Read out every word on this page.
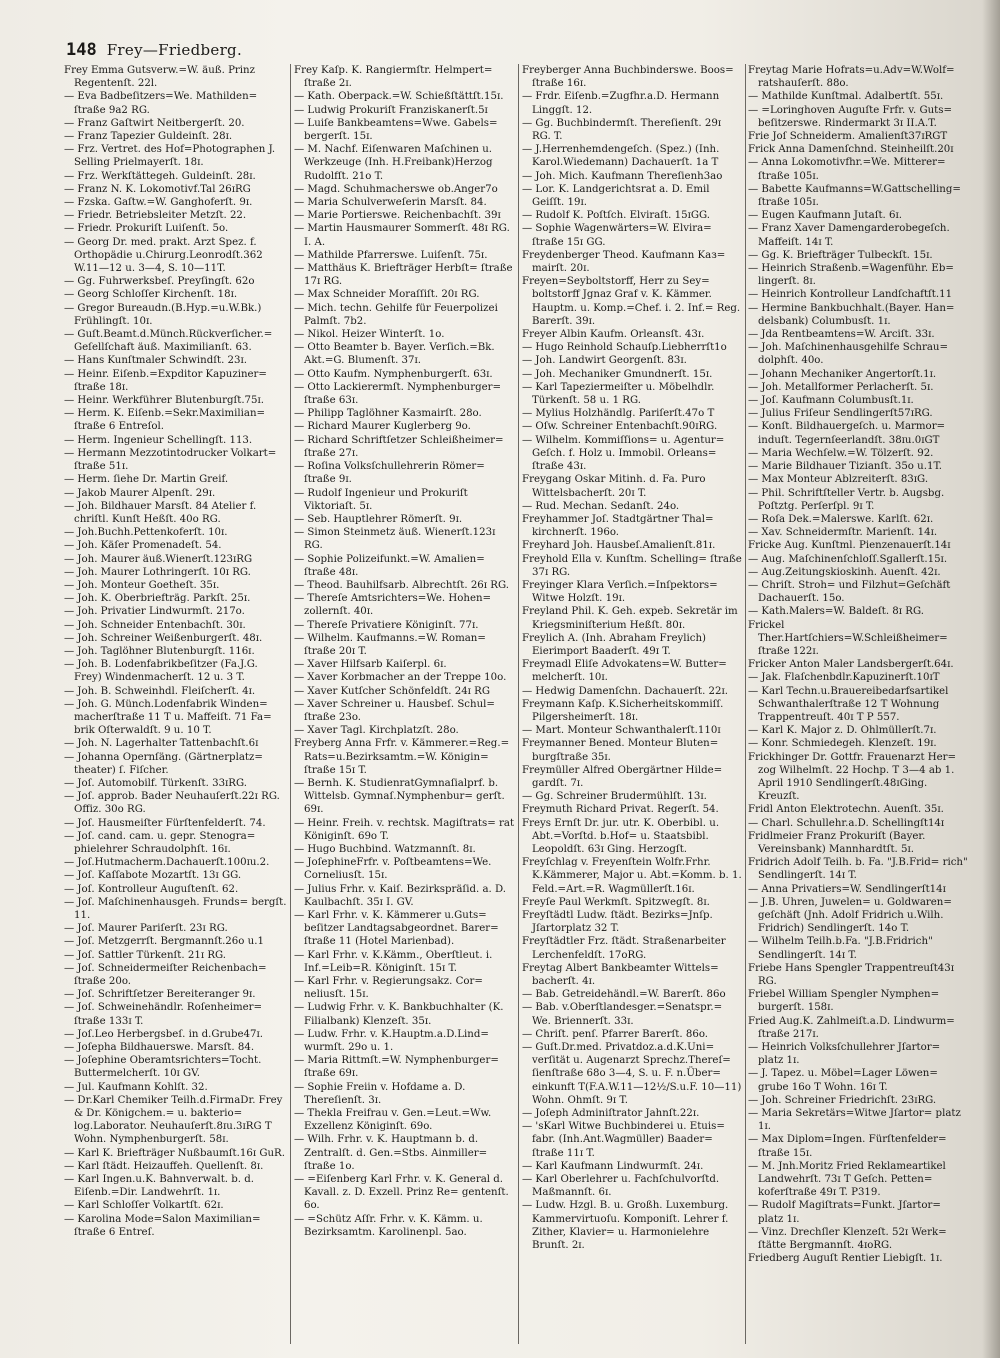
148 Frey—Friedberg.
Frey Emma Gutsverw.=W. äuß. Prinz Regentenſt. 22l.
— Eva Badbeſitzers=We. Mathilden= ſtraße 9a2 RG.
— Franz Gaſtwirt Neitbergerſt. 20.
— Franz Tapezier Guldeinſt. 28ɪ.
— Frz. Vertret. des Hof=Photographen J. Selling Prielmayerſt. 18ɪ.
— Frz. Werkſtättegeh. Guldeinſt. 28ɪ.
— Franz N. K. Lokomotivf.Tal 26ɪRG
— Fzska. Gaſtw.=W. Ganghoferſt. 9ɪ.
— Friedr. Betriebsleiter Metzſt. 22.
— Friedr. Prokuriſt Luiſenſt. 5o.
— Georg Dr. med. prakt. Arzt Spez. f. Orthopädie u.Chirurg.Leonrodſt.362 W.11—12 u. 3—4, S. 10—11T.
— Gg. Fuhrwerksbeſ. Preyſingſt. 62o
— Georg Schloſſer Kirchenſt. 18ɪ.
— Gregor Bureaudn.(B.Hyp.=u.W.Bk.) Frühlingſt. 10ɪ.
— Guſt.Beamt.d.Münch.Rückverſicher.= Geſellſchaft äuß. Maximilianſt. 63.
— Hans Kunſtmaler Schwindſt. 23ɪ.
— Heinr. Eiſenb.=Expditor Kapuziner= ſtraße 18ɪ.
— Heinr. Werkführer Blutenburgſt.75ɪ.
— Herm. K. Eiſenb.=Sekr.Maximilian= ſtraße 6 Entreſol.
— Herm. Ingenieur Schellingſt. 113.
— Hermann Mezzotintodrucker Volkart= ſtraße 51ɪ.
— Herm. ſiehe Dr. Martin Greif.
— Jakob Maurer Alpenſt. 29ɪ.
— Joh. Bildhauer Marsſt. 84 Atelier f. chriſtl. Kunſt Heßſt. 40o RG.
— Joh.Buchh.Pettenkoferſt. 10ɪ.
— Joh. Käſer Promenadeſt. 54.
— Joh. Maurer äuß.Wienerſt.123ɪRG
— Joh. Maurer Lothringerſt. 10ɪ RG.
— Joh. Monteur Goetheſt. 35ɪ.
— Joh. K. Oberbriefträg. Parkſt. 25ɪ.
— Joh. Privatier Lindwurmſt. 217o.
— Joh. Schneider Entenbachſt. 30ɪ.
— Joh. Schreiner Weißenburgerſt. 48ɪ.
— Joh. Taglöhner Blutenburgſt. 116ɪ.
— Joh. B. Lodenfabrikbeſitzer (Fa.J.G. Frey) Windenmacherſt. 12 u. 3 T.
— Joh. B. Schweinhdl. Fleiſcherſt. 4ɪ.
— Joh. G. Münch.Lodenfabrik Winden= macherſtraße 11 T u. Maffeiſt. 71 Fa= brik Oſterwaldſt. 9 u. 10 T.
— Joh. N. Lagerhalter Tattenbachſt.6ɪ
— Johanna Opernſäng. (Gärtnerplatz= theater) ſ. Fiſcher.
— Joſ. Automobilf. Türkenſt. 33ɪRG.
— Joſ. approb. Bader Neuhauſerſt.22ɪ RG. Offiz. 30o RG.
— Joſ. Hausmeiſter Fürſtenfelderſt. 74.
— Joſ. cand. cam. u. gepr. Stenogra= phielehrer Schraudolphſt. 16ɪ.
— Joſ.Hutmacherm.Dachauerſt.100ɪu.2.
— Joſ. Kaſſabote Mozartſt. 13ɪ GG.
— Joſ. Kontrolleur Auguſtenſt. 62.
— Joſ. Maſchinenhausgeh. Frunds= bergſt. 11.
— Joſ. Maurer Pariſerſt. 23ɪ RG.
— Joſ. Metzgerrſt. Bergmannſt.26o u.1
— Joſ. Sattler Türkenſt. 21ɪ RG.
— Joſ. Schneidermeiſter Reichenbach= ſtraße 20o.
— Joſ. Schriftſetzer Bereiteranger 9ɪ.
— Joſ. Schweinehändlr. Roſenheimer= ſtraße 133ɪ T.
— Joſ.Leo Herbergsbeſ. in d.Grube47ɪ.
— Joſepha Bildhauerswe. Marsſt. 84.
— Joſephine Oberamtsrichters=Tocht. Buttermelcherſt. 10ɪ GV.
— Jul. Kaufmann Kohlſt. 32.
— Dr.Karl Chemiker Teilh.d.FirmaDr. Frey & Dr. Königchem.= u. bakterio= log.Laborator. Neuhauſerſt.8ɪu.3ɪRG T Wohn. Nymphenburgerſt. 58ɪ.
— Karl K. Briefträger Nußbaumſt.16ɪ GuR.
— Karl ſtädt. Heizauffeh. Quellenſt. 8ɪ.
— Karl Ingen.u.K. Bahnverwalt. b. d. Eiſenb.=Dir. Landwehrſt. 1ɪ.
— Karl Schloſſer Volkartſt. 62ɪ.
— Karolina Mode=Salon Maximilian= ſtraße 6 Entreſ.
Frey Kaſp. K. Rangiermſtr. Helmpert= ſtraße 2ɪ.
— Kath. Oberpack.=W. Schießſtättſt.15ɪ.
— Ludwig Prokuriſt Franziskanerſt.5ɪ
— Luiſe Bankbeamtens=Wwe. Gabels= bergerſt. 15ɪ.
— M. Nachf. Eiſenwaren Maſchinen u. Werkzeuge (Inh. H.Freibank)Herzog Rudolfſt. 21o T.
— Magd. Schuhmacherswe ob.Anger7o
— Maria Schulverweſerin Marsſt. 84.
— Marie Portierswe. Reichenbachſt. 39ɪ
— Martin Hausmaurer Sommerſt. 48ɪ RG. I. A.
— Mathilde Pfarrerswe. Luiſenſt. 75ɪ.
— Matthäus K. Briefträger Herbſt= ſtraße 17ɪ RG.
— Max Schneider Moraſſiſt. 20ɪ RG.
— Mich. techn. Gehilfe für Feuerpolizei Palmſt. 7b2.
— Nikol. Heizer Winterſt. 1o.
— Otto Beamter b. Bayer. Verſich.=Bk. Akt.=G. Blumenſt. 37ɪ.
— Otto Kaufm. Nymphenburgerſt. 63ɪ.
— Otto Lackierermſt. Nymphenburger= ſtraße 63ɪ.
— Philipp Taglöhner Kaзmairſt. 28o.
— Richard Maurer Kuglerberg 9o.
— Richard Schriftſetzer Schleißheimer= ſtraße 27ɪ.
— Roſina Volksſchullehrerin Römer= ſtraße 9ɪ.
— Rudolf Ingenieur und Prokuriſt Viktoriaſt. 5ɪ.
— Seb. Hauptlehrer Römerſt. 9ɪ.
— Simon Steinmetz äuß. Wienerſt.123ɪ RG.
— Sophie Polizeifunkt.=W. Amalien= ſtraße 48ɪ.
— Theod. Bauhilfsarb. Albrechtſt. 26ɪ RG.
— Thereſe Amtsrichters=We. Hohen= zollernſt. 40ɪ.
— Thereſe Privatiere Königinſt. 77ɪ.
— Wilhelm. Kaufmanns.=W. Roman= ſtraße 20ɪ T.
— Xaver Hilfsarb Kaiſerpl. 6ɪ.
— Xaver Korbmacher an der Treppe 10o.
— Xaver Kutſcher Schönfeldſt. 24ɪ RG
— Xaver Schreiner u. Hausbeſ. Schul= ſtraße 23o.
— Xaver Tagl. Kirchplatzſt. 28o.
Freyberg Anna Frfr. v. Kämmerer.=Reg.= Rats=u.Bezirksamtm.=W. Königin= ſtraße 15ɪ T.
— Bernh. K. StudienratGymnaſialprf. b. Wittelsb. Gymnaſ.Nymphenbur= gerſt. 69ɪ.
— Heinr. Freih. v. rechtsk. Magiſtrats= rat Königinſt. 69o T.
— Hugo Buchbind. Watzmannſt. 8ɪ.
— JoſephineFrfr. v. Poſtbeamtens=We. Corneliusſt. 15ɪ.
— Julius Frhr. v. Kaiſ. Bezirkspräſid. a. D. Kaulbachſt. 35ɪ I. GV.
— Karl Frhr. v. K. Kämmerer u.Guts= beſitzer Landtagsabgeordnet. Barer= ſtraße 11 (Hotel Marienbad).
— Karl Frhr. v. K.Kämm., Oberſtleut. i. Inf.=Leib=R. Königinſt. 15ɪ T.
— Karl Frhr. v. Regierungsakz. Cor= neliusſt. 15ɪ.
— Ludwig Frhr. v. K. Bankbuchhalter (K. Filialbank) Klenzeſt. 35ɪ.
— Ludw. Frhr. v. K.Hauptm.a.D.Lind= wurmſt. 29o u. 1.
— Maria Rittmſt.=W. Nymphenburger= ſtraße 69ɪ.
— Sophie Freiin v. Hofdame a. D. Thereſienſt. 3ɪ.
— Thekla Freifrau v. Gen.=Leut.=Ww. Exzellenz Königinſt. 69o.
— Wilh. Frhr. v. K. Hauptmann b. d. Zentralſt. d. Gen.=Stbs. Ainmiller= ſtraße 1o.
— =Eiſenberg Karl Frhr. v. K. General d. Kavall. z. D. Exzell. Prinz Re= gentenſt. 6o.
— =Schütz Aſſr. Frhr. v. K. Kämm. u. Bezirksamtm. Karolinenpl. 5ao.
Freyberger Anna Buchbinderswe. Boos= ſtraße 16ɪ.
— Frdr. Eiſenb.=Zugfhr.a.D. Hermann Linggſt. 12.
— Gg. Buchbindermſt. Thereſienſt. 29ɪ RG. T.
— J.Herrenhemdengeſch. (Spez.) (Inh. Karol.Wiedemann) Dachauerſt. 1a T
— Joh. Mich. Kaufmann Thereſienh3ao
— Lor. K. Landgerichtsrat a. D. Emil Geiſſt. 19ɪ.
— Rudolf K. Poſtſch. Elviraſt. 15ɪGG.
— Sophie Wagenwärters=W. Elvira= ſtraße 15ɪ GG.
Freydenberger Theod. Kaufmann Kaз= mairſt. 20ɪ.
Freyen=Seyboltstorff, Herr zu Sey= boltstorff Jgnaz Graf v. K. Kämmer. Hauptm. u. Komp.=Chef. i. 2. Inf.= Reg. Barerſt. 39ɪ.
Freyer Albin Kaufm. Orleansſt. 43ɪ.
— Hugo Reinhold Schauſp.Liebherrſt1o
— Joh. Landwirt Georgenſt. 83ɪ.
— Joh. Mechaniker Gmundnerſt. 15ɪ.
— Karl Tapeziermeiſter u. Möbelhdlr. Türkenſt. 58 u. 1 RG.
— Mylius Holzhändlg. Pariſerſt.47o T
— Oſw. Schreiner Entenbachſt.90ɪRG.
— Wilhelm. Kommiſſions= u. Agentur= Geſch. f. Holz u. Immobil. Orleans= ſtraße 43ɪ.
Freygang Oskar Mitinh. d. Fa. Puro Wittelsbacherſt. 20ɪ T.
— Rud. Mechan. Sedanſt. 24o.
Freyhammer Joſ. Stadtgärtner Thal= kirchnerſt. 196o.
Freyhard Joh. Hausbeſ.Amalienſt.81ɪ.
Freyhold Ella v. Kunſtm. Schelling= ſtraße 37ɪ RG.
Freyinger Klara Verſich.=Inſpektors= Witwe Holzſt. 19ɪ.
Freyland Phil. K. Geh. expeb. Sekretär im Kriegsminiſterium Heßſt. 80ɪ.
Freylich A. (Inh. Abraham Freylich) Eierimport Baaderſt. 49ɪ T.
Freymadl Eliſe Advokatens=W. Butter= melcherſt. 10ɪ.
— Hedwig Damenſchn. Dachauerſt. 22ɪ.
Freymann Kaſp. K.Sicherheitskommiſſ. Pilgersheimerſt. 18ɪ.
— Mart. Monteur Schwanthalerſt.110ɪ
Freymanner Bened. Monteur Bluten= burgſtraße 35ɪ.
Freymüller Alfred Obergärtner Hilde= gardſt. 7ɪ.
— Gg. Schreiner Brudermühlſt. 13ɪ.
Freymuth Richard Privat. Regerſt. 54.
Freys Ernſt Dr. jur. utr. K. Oberbibl. u. Abt.=Vorſtd. b.Hof= u. Staatsbibl. Leopoldſt. 63ɪ Ging. Herzogſt.
Freyſchlag v. Freyenſtein Wolfr.Frhr. K.Kämmerer, Major u. Abt.=Komm. b. 1. Feld.=Art.=R. Wagmüllerſt.16ɪ.
Freyſe Paul Werkmſt. Spitzwegſt. 8ɪ.
Freyſtädtl Ludw. ſtädt. Bezirks=Jnſp. Jſartorplatz 32 T.
Freyſtädtler Frz. ſtädt. Straßenarbeiter Lerchenfeldſt. 17oRG.
Freytag Albert Bankbeamter Wittels= bacherſt. 4ɪ.
— Bab. Getreidehändl.=W. Barerſt. 86o
— Bab. v.Oberſtlandesger.=Senatspr.= We. Briennerſt. 33ɪ.
— Chriſt. penſ. Pfarrer Barerſt. 86o.
— Guſt.Dr.med. Privatdoz.a.d.K.Uni= verſität u. Augenarzt Sprechz.Thereſ= ſienſtraße 68o 3—4, S. u. F. n.Über= einkunft T(F.A.W.11—12½/S.u.F. 10—11) Wohn. Ohmſt. 9ɪ T.
— Joſeph Adminiſtrator Jahnſt.22ɪ.
— 'sKarl Witwe Buchbinderei u. Etuis= fabr. (Inh.Ant.Wagmüller) Baader= ſtraße 11ɪ T.
— Karl Kaufmann Lindwurmſt. 24ɪ.
— Karl Oberlehrer u. Fachſchulvorſtd. Maßmannſt. 6ɪ.
— Ludw. Hzgl. B. u. Großh. Luxemburg. Kammervirtuoſu. Komponiſt. Lehrer f. Zither, Klavier= u. Harmonielehre Brunſt. 2ɪ.
Freytag Marie Hofrats=u.Adv=W.Wolf= ratshauſerſt. 88o.
— Mathilde Kunſtmal. Adalbertſt. 55ɪ.
— =Loringhoven Auguſte Frfr. v. Guts= beſitzerswe. Rindermarkt 3ɪ II.A.T.
Frie Joſ Schneiderm. Amalienſt37ɪRGT
Frick Anna Damenſchnd. Steinheilſt.20ɪ
— Anna Lokomotivfhr.=We. Mitterer= ſtraße 105ɪ.
— Babette Kaufmanns=W.Gattschelling= ſtraße 105ɪ.
— Eugen Kaufmann Jutaſt. 6ɪ.
— Franz Xaver Damengarderobegeſch. Maffeiſt. 14ɪ T.
— Gg. K. Briefträger Tulbeckſt. 15ɪ.
— Heinrich Straßenb.=Wagenführ. Eb= lingerſt. 8ɪ.
— Heinrich Kontrolleur Landſchaftſt.11
— Hermine Bankbuchhalt.(Bayer. Han= delsbank) Columbusſt. 1ɪ.
— Jda Rentbeamtens=W. Arciſt. 33ɪ.
— Joh. Maſchinenhausgehilfe Schrau= dolphſt. 40o.
— Johann Mechaniker Angertorſt.1ɪ.
— Joh. Metallformer Perlacherſt. 5ɪ.
— Joſ. Kaufmann Columbusſt.1ɪ.
— Julius Friſeur Sendlingerſt57ɪRG.
— Konſt. Bildhauergeſch. u. Marmor= induſt. Tegernſeerlandſt. 38ɪu.0ɪGT
— Maria Wechſelw.=W. Tölzerſt. 92.
— Marie Bildhauer Tizianſt. 35o u.1T.
— Max Monteur Ablzreiterſt. 83ɪG.
— Phil. Schriftſteller Vertr. b. Augsbg. Poſtztg. Perſerſpl. 9ɪ T.
— Roſa Dek.=Malerswe. Karlſt. 62ɪ.
— Xav. Schneidermſtr. Marienſt. 14ɪ.
Fricke Aug. Kunſtml. Pienzenauerſt.14ɪ
— Aug. Maſchinenſchloſſ.Sgallerſt.15ɪ.
— Aug.Zeitungskioskinh. Auenſt. 42ɪ.
— Chriſt. Stroh= und Filzhut=Geſchäft Dachauerſt. 15o.
— Kath.Malers=W. Baldeſt. 8ɪ RG.
Frickel Ther.Hartſchiers=W.Schleißheimer= ſtraße 122ɪ.
Fricker Anton Maler Landsbergerſt.64ɪ.
— Jak. Flaſchenbdlr.Kapuzinerſt.10ɪT
— Karl Techn.u.Brauereibedarfsartikel Schwanthalerſtraße 12 T Wohnung Trappentreuſt. 40ɪ T P 557.
— Karl K. Major z. D. Ohlmüllerſt.7ɪ.
— Konr. Schmiedegeh. Klenzeſt. 19ɪ.
Frickhinger Dr. Gottfr. Frauenarzt Her= zog Wilhelmſt. 22 Hochp. T 3—4 ab 1. April 1910 Sendlingerſt.48ɪGing. Kreuzſt.
Fridl Anton Elektrotechn. Auenſt. 35ɪ.
— Charl. Schullehr.a.D. Schellingſt14ɪ
Fridlmeier Franz Prokuriſt (Bayer. Vereinsbank) Mannhardtſt. 5ɪ.
Fridrich Adolf Teilh. b. Fa. "J.B.Frid= rich" Sendlingerſt. 14ɪ T.
— Anna Privatiers=W. Sendlingerſt14ɪ
— J.B. Uhren, Juwelen= u. Goldwaren= geſchäft (Jnh. Adolf Fridrich u.Wilh. Fridrich) Sendlingerſt. 14o T.
— Wilhelm Teilh.b.Fa. "J.B.Fridrich" Sendlingerſt. 14ɪ T.
Friebe Hans Spengler Trappentreuſt43ɪ RG.
Friebel William Spengler Nymphen= burgerſt. 158ɪ.
Fried Aug.K. Zahlmeiſt.a.D. Lindwurm= ſtraße 217ɪ.
— Heinrich Volksſchullehrer Jſartor= platz 1ɪ.
— J. Tapez. u. Möbel=Lager Löwen= grube 16o T Wohn. 16ɪ T.
— Joh. Schreiner Friedrichſt. 23ɪRG.
— Maria Sekretärs=Witwe Jſartor= platz 1ɪ.
— Max Diplom=Ingen. Fürſtenfelder= ſtraße 15ɪ.
— M. Jnh.Moritz Fried Reklameartikel Landwehrſt. 73ɪ T Geſch. Petten= koferſtraße 49ɪ T. P319.
— Rudolf Magiſtrats=Funkt. Jſartor= platz 1ɪ.
— Vinz. Drechſler Klenzeſt. 52ɪ Werk= ſtätte Bergmannſt. 4ɪoRG.
Friedberg Auguſt Rentier Liebigſt. 1ɪ.
